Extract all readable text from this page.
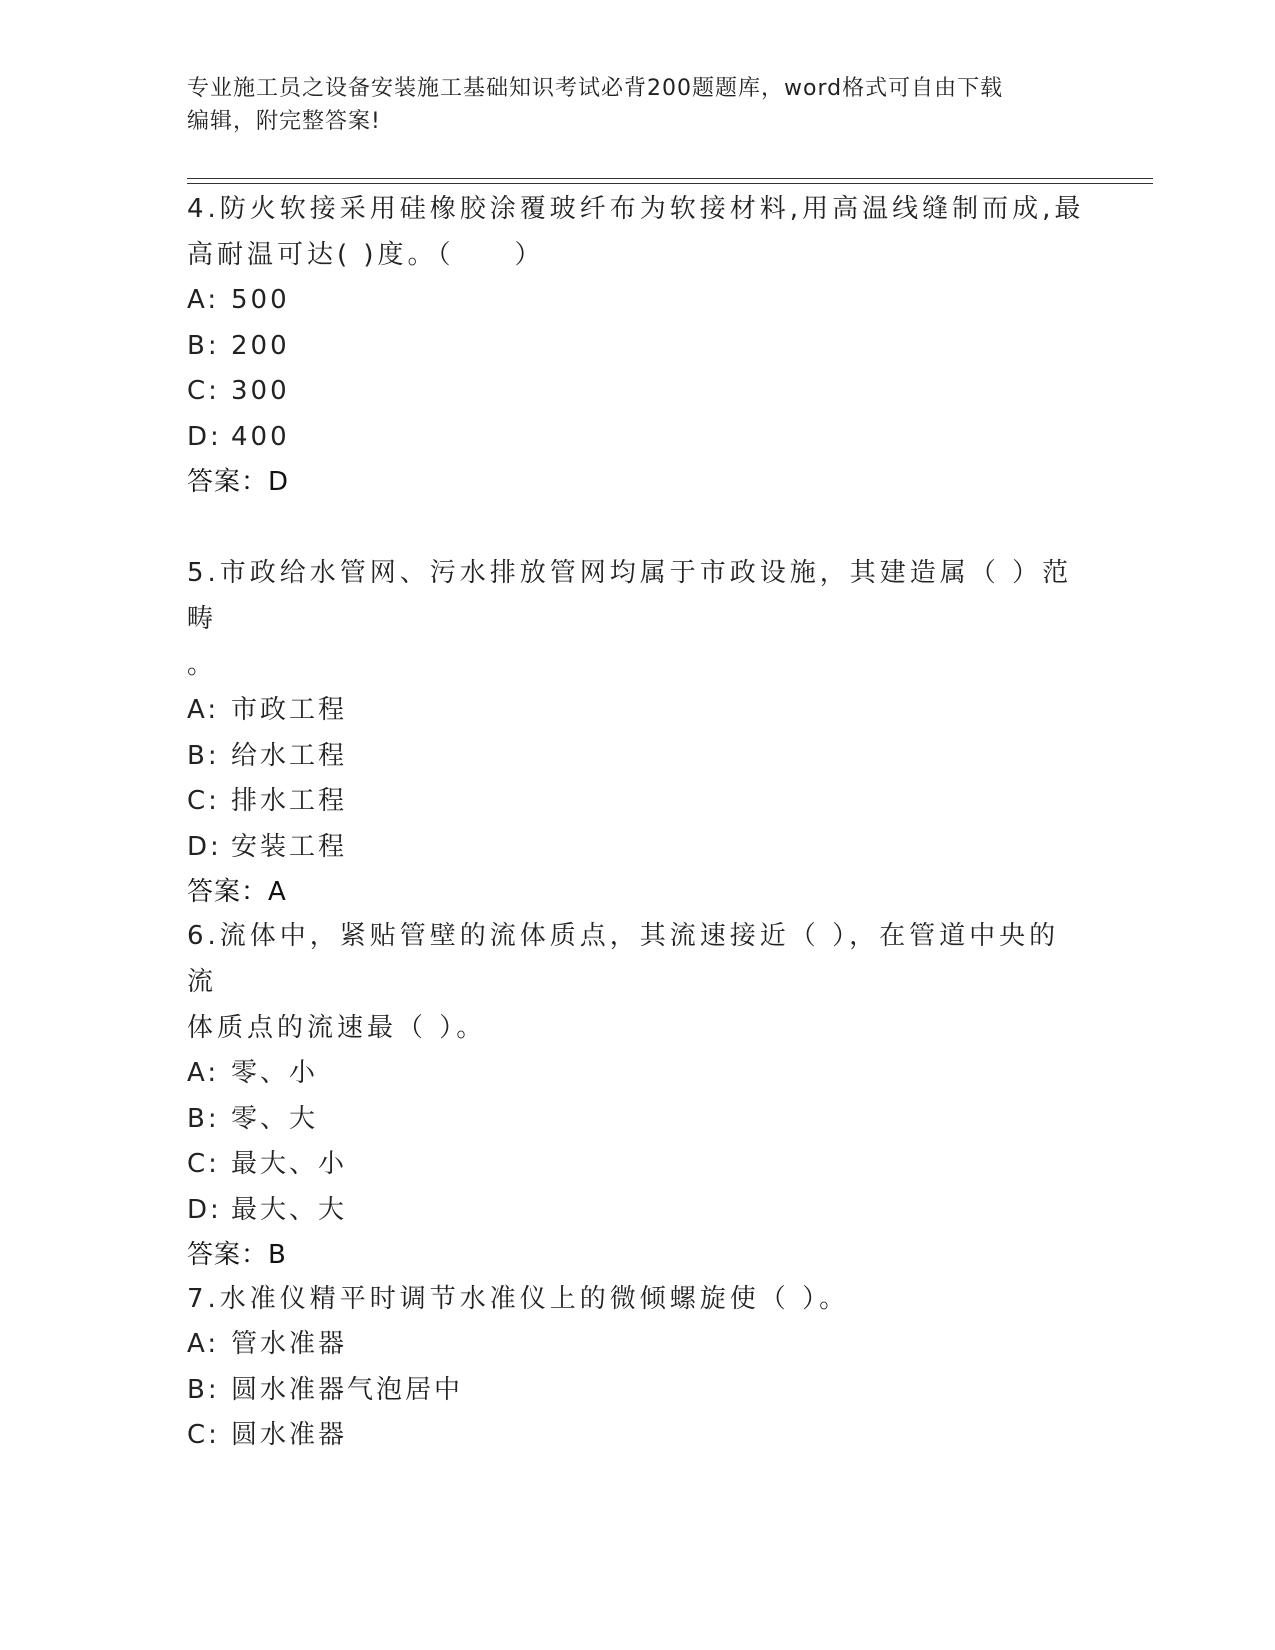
专业施工员之设备安装施工基础知识考试必背200题题库，word格式可自由下载
编辑，附完整答案!
4.防火软接采用硅橡胶涂覆玻纤布为软接材料,用高温线缝制而成,最
高耐温可达( )度。（　　）
A: 500
B: 200
C: 300
D: 400
答案：D
5.市政给水管网、污水排放管网均属于市政设施，其建造属（ ）范畴
。
A: 市政工程
B: 给水工程
C: 排水工程
D: 安装工程
答案：A
6.流体中，紧贴管壁的流体质点，其流速接近（ ），在管道中央的流
体质点的流速最（ ）。
A: 零、小
B: 零、大
C: 最大、小
D: 最大、大
答案：B
7.水准仪精平时调节水准仪上的微倾螺旋使（ ）。
A: 管水准器
B: 圆水准器气泡居中
C: 圆水准器
